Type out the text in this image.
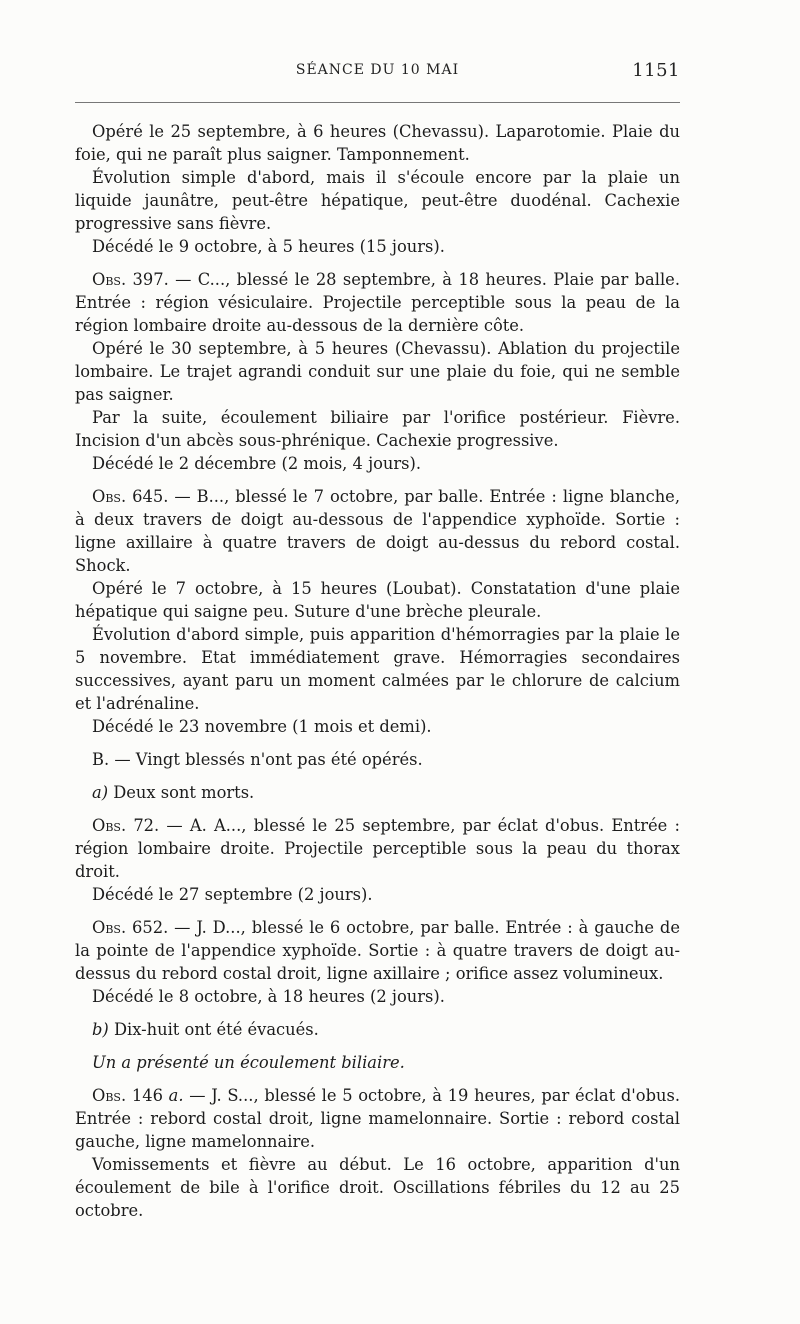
SÉANCE DU 10 MAI	1151

Opéré le 25 septembre, à 6 heures (Chevassu). Laparotomie. Plaie du foie, qui ne paraît plus saigner. Tamponnement.

Évolution simple d'abord, mais il s'écoule encore par la plaie un liquide jaunâtre, peut-être hépatique, peut-être duodénal. Cachexie progressive sans fièvre.

Décédé le 9 octobre, à 5 heures (15 jours).

Obs. 397. — C..., blessé le 28 septembre, à 18 heures. Plaie par balle. Entrée : région vésiculaire. Projectile perceptible sous la peau de la région lombaire droite au-dessous de la dernière côte.

Opéré le 30 septembre, à 5 heures (Chevassu). Ablation du projectile lombaire. Le trajet agrandi conduit sur une plaie du foie, qui ne semble pas saigner.

Par la suite, écoulement biliaire par l'orifice postérieur. Fièvre. Incision d'un abcès sous-phrénique. Cachexie progressive.

Décédé le 2 décembre (2 mois, 4 jours).

Obs. 645. — B..., blessé le 7 octobre, par balle. Entrée : ligne blanche, à deux travers de doigt au-dessous de l'appendice xyphoïde. Sortie : ligne axillaire à quatre travers de doigt au-dessus du rebord costal. Shock.

Opéré le 7 octobre, à 15 heures (Loubat). Constatation d'une plaie hépatique qui saigne peu. Suture d'une brèche pleurale.

Évolution d'abord simple, puis apparition d'hémorragies par la plaie le 5 novembre. Etat immédiatement grave. Hémorragies secondaires successives, ayant paru un moment calmées par le chlorure de calcium et l'adrénaline.

Décédé le 23 novembre (1 mois et demi).

B. — Vingt blessés n'ont pas été opérés.

a) Deux sont morts.

Obs. 72. — A. A..., blessé le 25 septembre, par éclat d'obus. Entrée : région lombaire droite. Projectile perceptible sous la peau du thorax droit.

Décédé le 27 septembre (2 jours).

Obs. 652. — J. D..., blessé le 6 octobre, par balle. Entrée : à gauche de la pointe de l'appendice xyphoïde. Sortie : à quatre travers de doigt au-dessus du rebord costal droit, ligne axillaire ; orifice assez volumineux.

Décédé le 8 octobre, à 18 heures (2 jours).

b) Dix-huit ont été évacués.

Un a présenté un écoulement biliaire.

Obs. 146 a. — J. S..., blessé le 5 octobre, à 19 heures, par éclat d'obus. Entrée : rebord costal droit, ligne mamelonnaire. Sortie : rebord costal gauche, ligne mamelonnaire.

Vomissements et fièvre au début. Le 16 octobre, apparition d'un écoulement de bile à l'orifice droit. Oscillations fébriles du 12 au 25 octobre.
